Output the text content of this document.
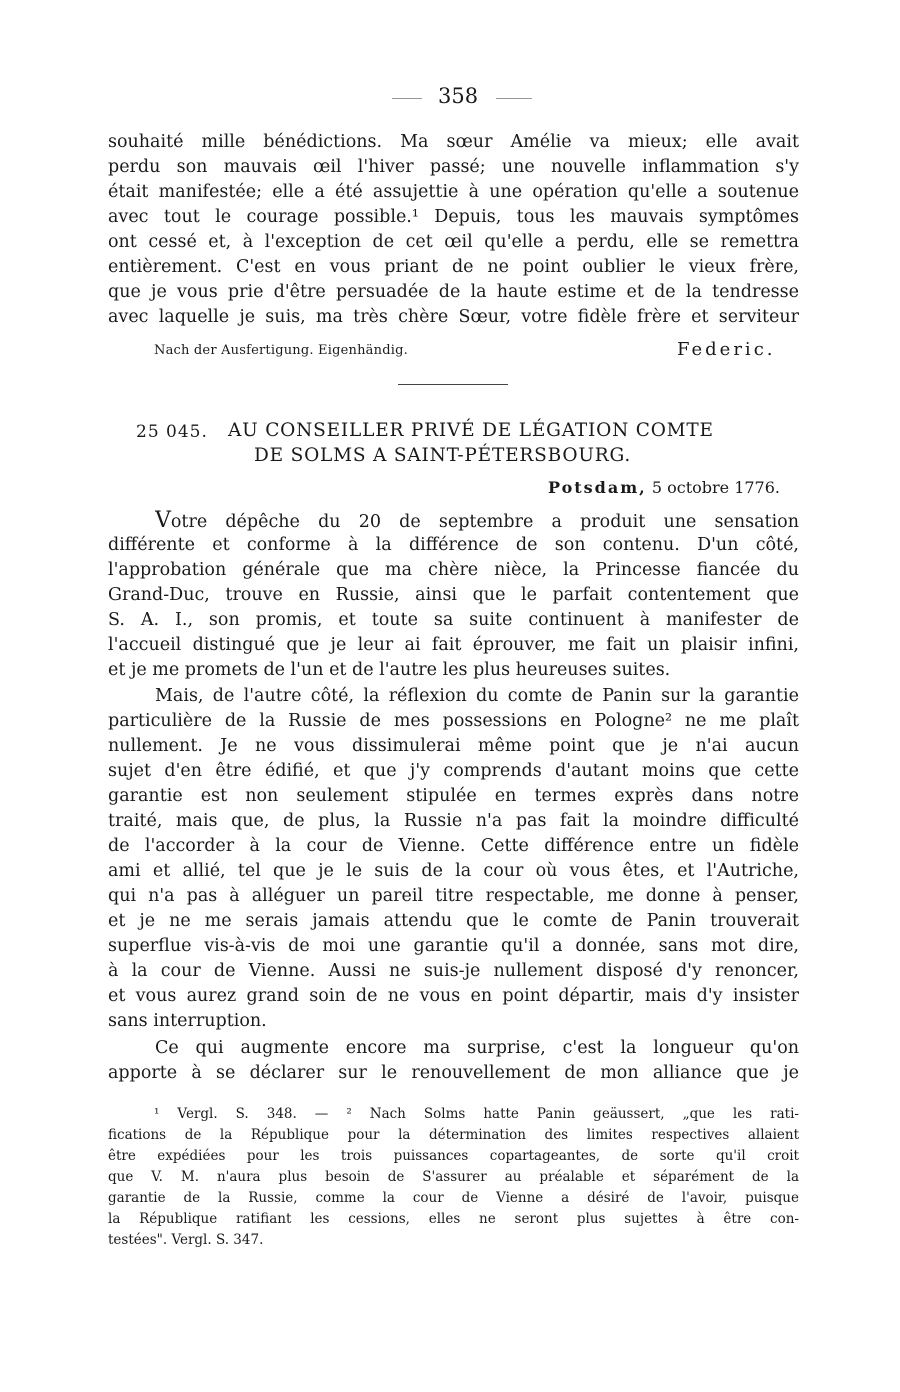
358
souhaité mille bénédictions. Ma sœur Amélie va mieux; elle avait
perdu son mauvais œil l'hiver passé; une nouvelle inflammation s'y
était manifestée; elle a été assujettie à une opération qu'elle a soutenue
avec tout le courage possible.¹ Depuis, tous les mauvais symptômes
ont cessé et, à l'exception de cet œil qu'elle a perdu, elle se remettra
entièrement. C'est en vous priant de ne point oublier le vieux frère,
que je vous prie d'être persuadée de la haute estime et de la tendresse
avec laquelle je suis, ma très chère Sœur, votre fidèle frère et serviteur
Nach der Ausfertigung. Eigenhändig.	Federic.
25 045. AU CONSEILLER PRIVÉ DE LÉGATION COMTE
DE SOLMS A SAINT-PÉTERSBOURG.
Potsdam, 5 octobre 1776.
Votre dépêche du 20 de septembre a produit une sensation
différente et conforme à la différence de son contenu. D'un côté,
l'approbation générale que ma chère nièce, la Princesse fiancée du
Grand-Duc, trouve en Russie, ainsi que le parfait contentement que
S. A. I., son promis, et toute sa suite continuent à manifester de
l'accueil distingué que je leur ai fait éprouver, me fait un plaisir infini,
et je me promets de l'un et de l'autre les plus heureuses suites.
Mais, de l'autre côté, la réflexion du comte de Panin sur la garantie
particulière de la Russie de mes possessions en Pologne² ne me plaît
nullement. Je ne vous dissimulerai même point que je n'ai aucun
sujet d'en être édifié, et que j'y comprends d'autant moins que cette
garantie est non seulement stipulée en termes exprès dans notre
traité, mais que, de plus, la Russie n'a pas fait la moindre difficulté
de l'accorder à la cour de Vienne. Cette différence entre un fidèle
ami et allié, tel que je le suis de la cour où vous êtes, et l'Autriche,
qui n'a pas à alléguer un pareil titre respectable, me donne à penser,
et je ne me serais jamais attendu que le comte de Panin trouverait
superflue vis-à-vis de moi une garantie qu'il a donnée, sans mot dire,
à la cour de Vienne. Aussi ne suis-je nullement disposé d'y renoncer,
et vous aurez grand soin de ne vous en point départir, mais d'y insister
sans interruption.
Ce qui augmente encore ma surprise, c'est la longueur qu'on
apporte à se déclarer sur le renouvellement de mon alliance que je
¹ Vergl. S. 348. — ² Nach Solms hatte Panin geäussert, „que les rati-
fications de la République pour la détermination des limites respectives allaient
être expédiées pour les trois puissances copartageantes, de sorte qu'il croit
que V. M. n'aura plus besoin de S'assurer au préalable et séparément de la
garantie de la Russie, comme la cour de Vienne a désiré de l'avoir, puisque
la République ratifiant les cessions, elles ne seront plus sujettes à être con-
testées". Vergl. S. 347.
